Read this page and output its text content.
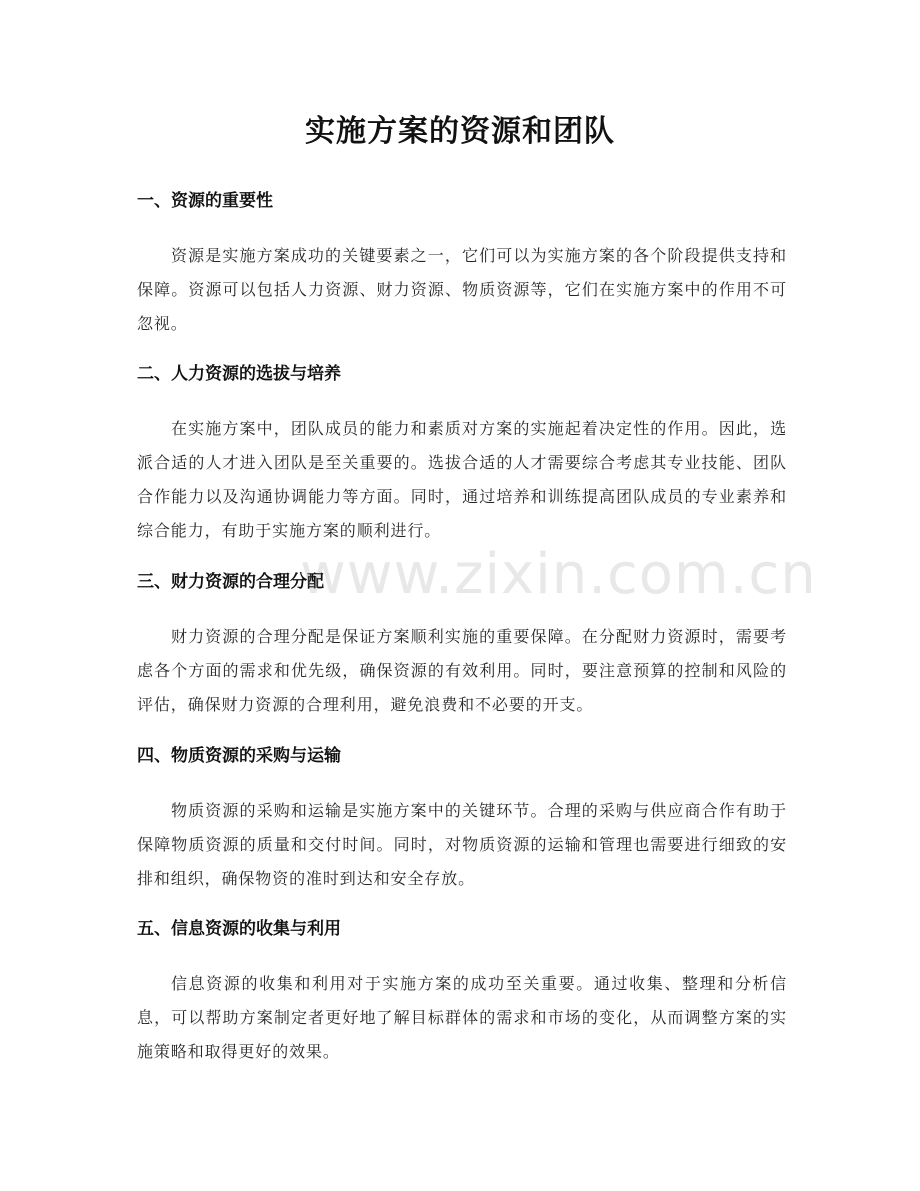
实施方案的资源和团队
一、资源的重要性

资源是实施方案成功的关键要素之一，它们可以为实施方案的各个阶段提供支持和保障。资源可以包括人力资源、财力资源、物质资源等，它们在实施方案中的作用不可忽视。

二、人力资源的选拔与培养

在实施方案中，团队成员的能力和素质对方案的实施起着决定性的作用。因此，选派合适的人才进入团队是至关重要的。选拔合适的人才需要综合考虑其专业技能、团队合作能力以及沟通协调能力等方面。同时，通过培养和训练提高团队成员的专业素养和综合能力，有助于实施方案的顺利进行。

三、财力资源的合理分配

财力资源的合理分配是保证方案顺利实施的重要保障。在分配财力资源时，需要考虑各个方面的需求和优先级，确保资源的有效利用。同时，要注意预算的控制和风险的评估，确保财力资源的合理利用，避免浪费和不必要的开支。

四、物质资源的采购与运输

物质资源的采购和运输是实施方案中的关键环节。合理的采购与供应商合作有助于保障物质资源的质量和交付时间。同时，对物质资源的运输和管理也需要进行细致的安排和组织，确保物资的准时到达和安全存放。

五、信息资源的收集与利用

信息资源的收集和利用对于实施方案的成功至关重要。通过收集、整理和分析信息，可以帮助方案制定者更好地了解目标群体的需求和市场的变化，从而调整方案的实施策略和取得更好的效果。

www.zixin.com.cn
